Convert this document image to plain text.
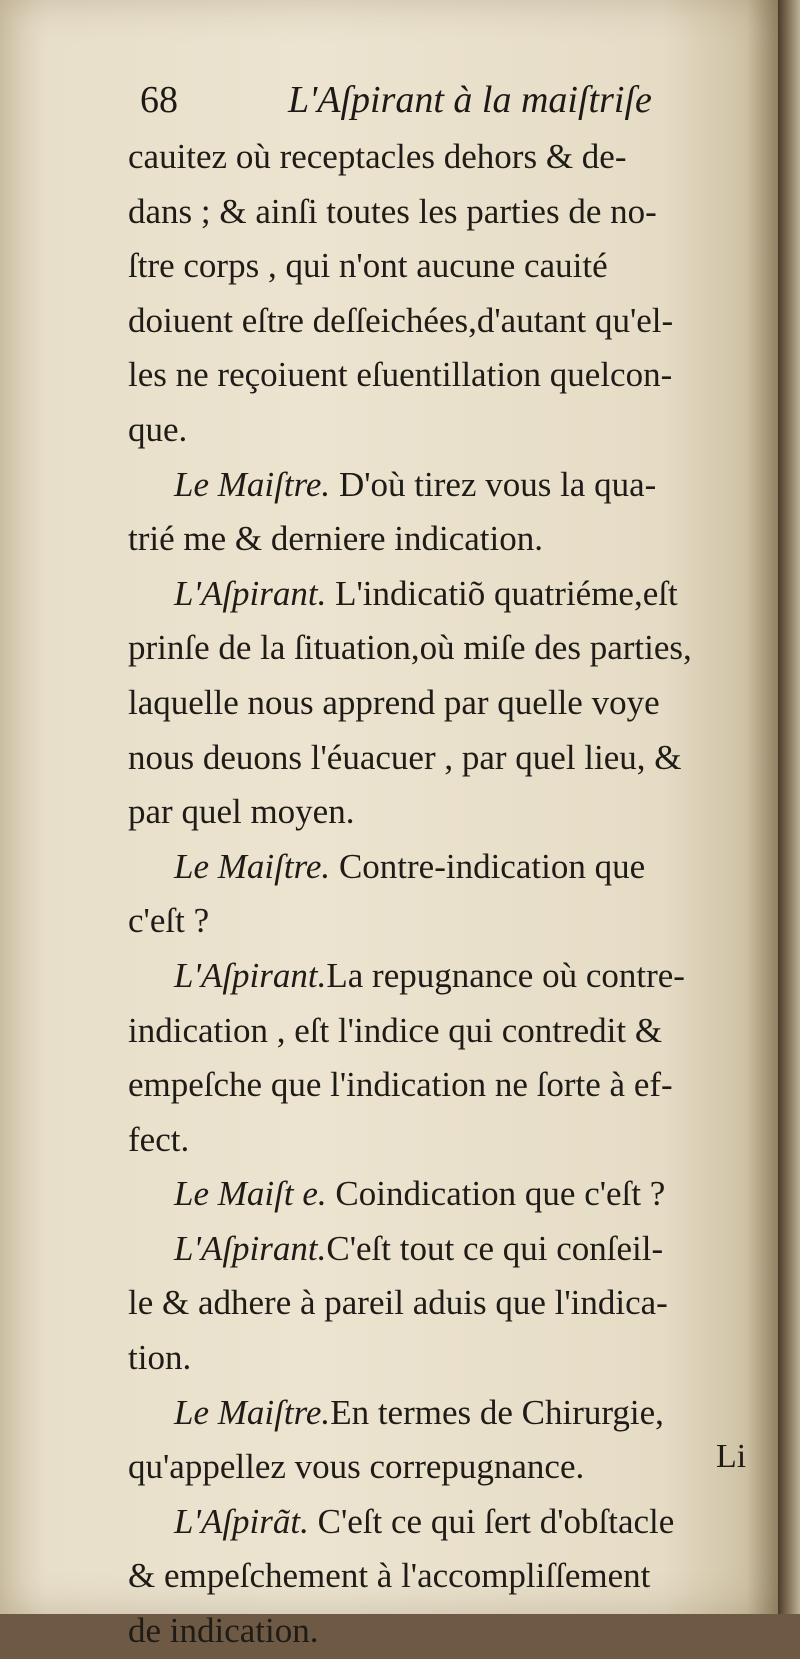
68	L'Aſpirant à la maiſtriſe
cauitez où receptacles dehors & de-
dans ; & ainſi toutes les parties de no-
ſtre corps , qui n'ont aucune cauité
doiuent eſtre deſſeichées,d'autant qu'el-
les ne reçoiuent eſuentillation quelcon-
que.
Le Maiſtre. D'où tirez vous la qua-
trié me & derniere indication.
L'Aſpirant. L'indicatiõ quatriéme,eſt
prinſe de la ſituation,où miſe des parties,
laquelle nous apprend par quelle voye
nous deuons l'éuacuer , par quel lieu, &
par quel moyen.
Le Maiſtre. Contre-indication que
c'eſt ?
L'Aſpirant.La repugnance où contre-
indication , eſt l'indice qui contredit &
empeſche que l'indication ne ſorte à ef-
fect.
Le Maiſt e. Coindication que c'eſt ?
L'Aſpirant.C'eſt tout ce qui conſeil-
le & adhere à pareil aduis que l'indica-
tion.
Le Maiſtre.En termes de Chirurgie,
qu'appellez vous correpugnance.
L'Aſpirãt. C'eſt ce qui ſert d'obſtacle
& empeſchement à l'accompliſſement
de indication.
Li
